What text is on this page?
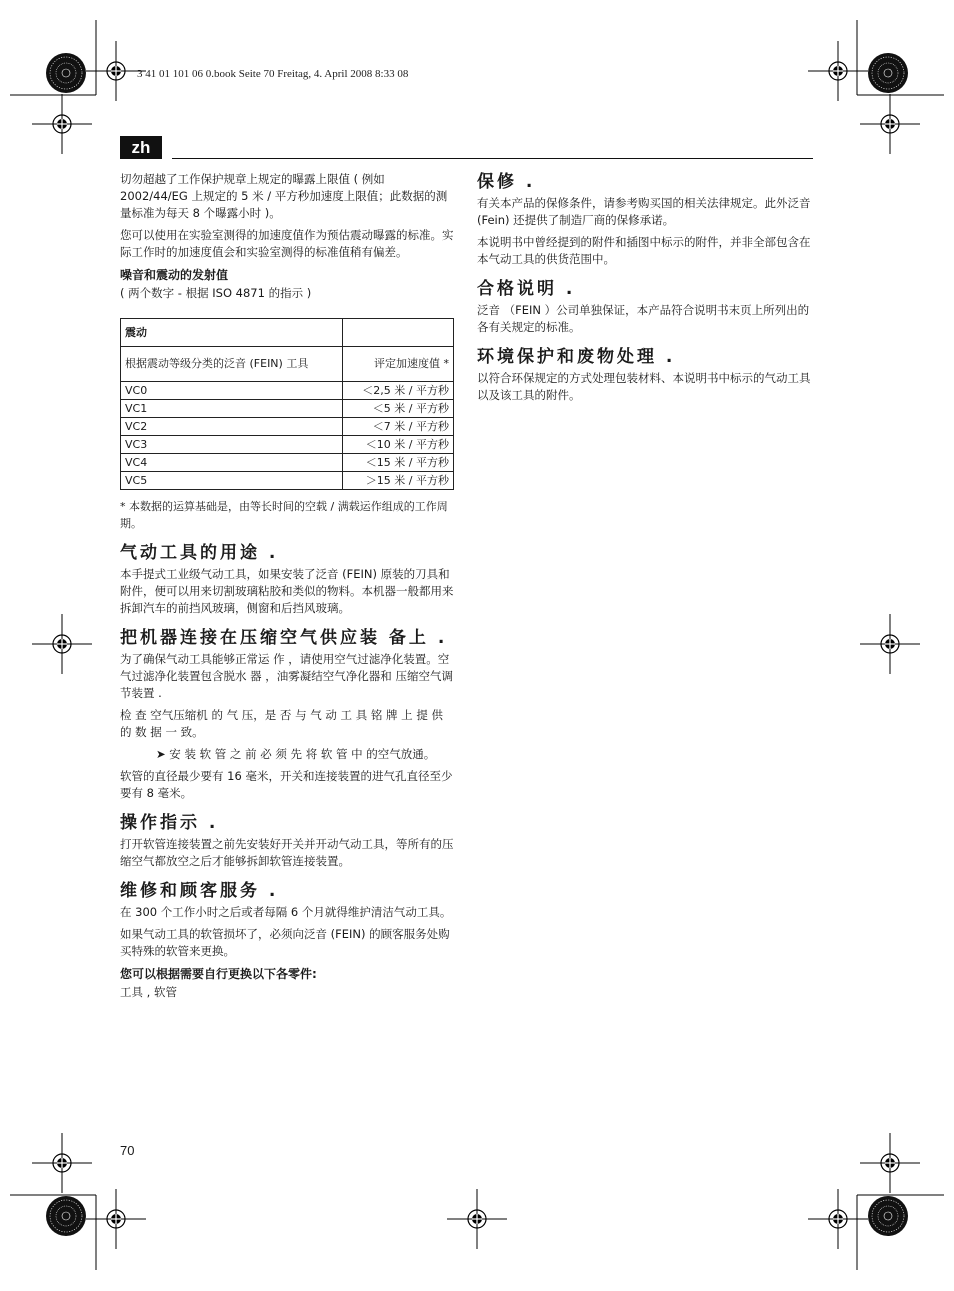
3 41 01 101 06 0.book Seite 70 Freitag, 4. April 2008 8:33 08
zh

切勿超越了工作保护规章上规定的曝露上限值 ( 例如 2002/44/EG 上规定的 5 米 / 平方秒加速度上限值；此数据的测量标准为每天 8 个曝露小时 )。

您可以使用在实验室测得的加速度值作为预估震动曝露的标准。实际工作时的加速度值会和实验室测得的标准值稍有偏差。

噪音和震动的发射值

( 两个数字 - 根据 ISO 4871 的指示 )

震动	
根据震动等级分类的泛音 (FEIN) 工具	评定加速度值 *
VC0	＜2,5 米 / 平方秒
VC1	＜5 米 / 平方秒
VC2	＜7 米 / 平方秒
VC3	＜10 米 / 平方秒
VC4	＜15 米 / 平方秒
VC5	＞15 米 / 平方秒

* 本数据的运算基础是，由等长时间的空载 / 满载运作组成的工作周期。

气动工具的用途 .

本手提式工业级气动工具，如果安装了泛音 (FEIN) 原装的刀具和附件，便可以用来切割玻璃粘胶和类似的物料。本机器一般都用来拆卸汽车的前挡风玻璃，侧窗和后挡风玻璃。

把机器连接在压缩空气供应装 备上 .

为了确保气动工具能够正常运 作 ，请使用空气过滤净化装置。空气过滤净化装置包含脱水 器 ，油雾凝结空气净化器和 压缩空气调节装置 .

检 查 空气压缩机 的 气 压，是 否 与 气 动 工 具 铭 牌 上 提 供 的 数 据 一 致。

➤ 安 装 软 管 之 前 必 须 先 将 软 管 中 的空气放通。

软管的直径最少要有 16 毫米，开关和连接装置的进气孔直径至少要有 8 毫米。

操作指示 .

打开软管连接装置之前先安装好开关并开动气动工具，等所有的压缩空气都放空之后才能够拆卸软管连接装置。

维修和顾客服务 .

在 300 个工作小时之后或者每隔 6 个月就得维护清洁气动工具。

如果气动工具的软管损坏了，必须向泛音 (FEIN) 的顾客服务处购买特殊的软管来更换。

您可以根据需要自行更换以下各零件:

工具 , 软管

保修 .

有关本产品的保修条件，请参考购买国的相关法律规定。此外泛音 (Fein) 还提供了制造厂商的保修承诺。

本说明书中曾经提到的附件和插图中标示的附件，并非全部包含在本气动工具的供货范围中。

合格说明 .

泛音 （FEIN ）公司单独保证，本产品符合说明书末页上所列出的各有关规定的标准。

环境保护和废物处理 .

以符合环保规定的方式处理包装材料、本说明书中标示的气动工具以及该工具的附件。

70
